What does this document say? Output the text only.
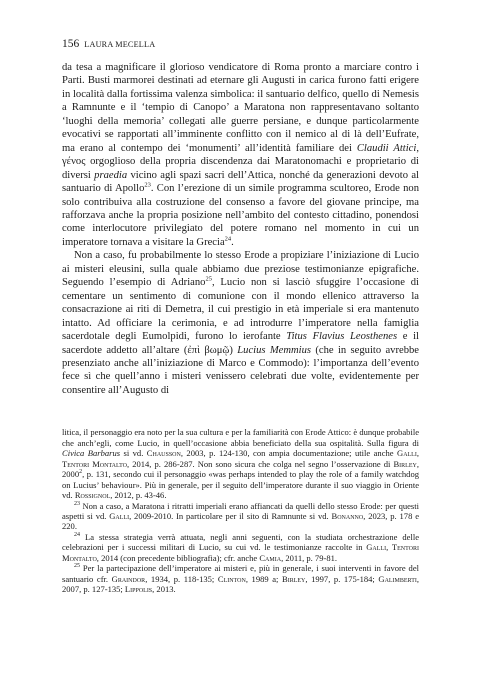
156 LAURA MECELLA

da tesa a magnificare il glorioso vendicatore di Roma pronto a marciare contro i Parti. Busti marmorei destinati ad eternare gli Augusti in carica furono fatti erigere in località dalla fortissima valenza simbolica: il santuario delfico, quello di Nemesis a Ramnunte e il ‘tempio di Canopo’ a Maratona non rappresentavano soltanto ‘luoghi della memoria’ collegati alle guerre persiane, e dunque particolarmente evocativi se rapportati all’imminente conflitto con il nemico al di là dell’Eufrate, ma erano al contempo dei ‘monumenti’ all’identità familiare dei Claudii Attici, γένος orgoglioso della propria discendenza dai Maratonomachi e proprietario di diversi praedia vicino agli spazi sacri dell’Attica, nonché da generazioni devoto al santuario di Apollo$^{23}$. Con l’erezione di un simile programma scultoreo, Erode non solo contribuiva alla costruzione del consenso a favore del giovane principe, ma rafforzava anche la propria posizione nell’ambito del contesto cittadino, ponendosi come interlocutore privilegiato del potere romano nel momento in cui un imperatore tornava a visitare la Grecia$^{24}$.

Non a caso, fu probabilmente lo stesso Erode a propiziare l’iniziazione di Lucio ai misteri eleusini, sulla quale abbiamo due preziose testimonianze epigrafiche. Seguendo l’esempio di Adriano$^{25}$, Lucio non si lasciò sfuggire l’occasione di cementare un sentimento di comunione con il mondo ellenico attraverso la consacrazione ai riti di Demetra, il cui prestigio in età imperiale si era mantenuto intatto. Ad officiare la cerimonia, e ad introdurre l’imperatore nella famiglia sacerdotale degli Eumolpidi, furono lo ierofante Titus Flavius Leosthenes e il sacerdote addetto all’altare (ἐπὶ βωμῷ) Lucius Memmius (che in seguito avrebbe presenziato anche all’iniziazione di Marco e Commodo): l’importanza dell’evento fece sì che quell’anno i misteri venissero celebrati due volte, evidentemente per consentire all’Augusto di

litica, il personaggio era noto per la sua cultura e per la familiarità con Erode Attico: è dunque probabile che anch’egli, come Lucio, in quell’occasione abbia beneficiato della sua ospitalità. Sulla figura di Civica Barbarus si vd. Chausson, 2003, p. 124-130, con ampia documentazione; utile anche Galli, Tentori Montalto, 2014, p. 286-287. Non sono sicura che colga nel segno l’osservazione di Birley, 2000$^2$, p. 131, secondo cui il personaggio «was perhaps intended to play the role of a family watchdog on Lucius’ behaviour». Più in generale, per il seguito dell’imperatore durante il suo viaggio in Oriente vd. Rossignol, 2012, p. 43-46.

$^{23}$ Non a caso, a Maratona i ritratti imperiali erano affiancati da quelli dello stesso Erode: per questi aspetti si vd. Galli, 2009-2010. In particolare per il sito di Ramnunte si vd. Bonanno, 2023, p. 178 e 220.

$^{24}$ La stessa strategia verrà attuata, negli anni seguenti, con la studiata orchestrazione delle celebrazioni per i successi militari di Lucio, su cui vd. le testimonianze raccolte in Galli, Tentori Montalto, 2014 (con precedente bibliografia); cfr. anche Camia, 2011, p. 79-81.

$^{25}$ Per la partecipazione dell’imperatore ai misteri e, più in generale, i suoi interventi in favore del santuario cfr. Graindor, 1934, p. 118-135; Clinton, 1989 a; Birley, 1997, p. 175-184; Galimberti, 2007, p. 127-135; Lippolis, 2013.
